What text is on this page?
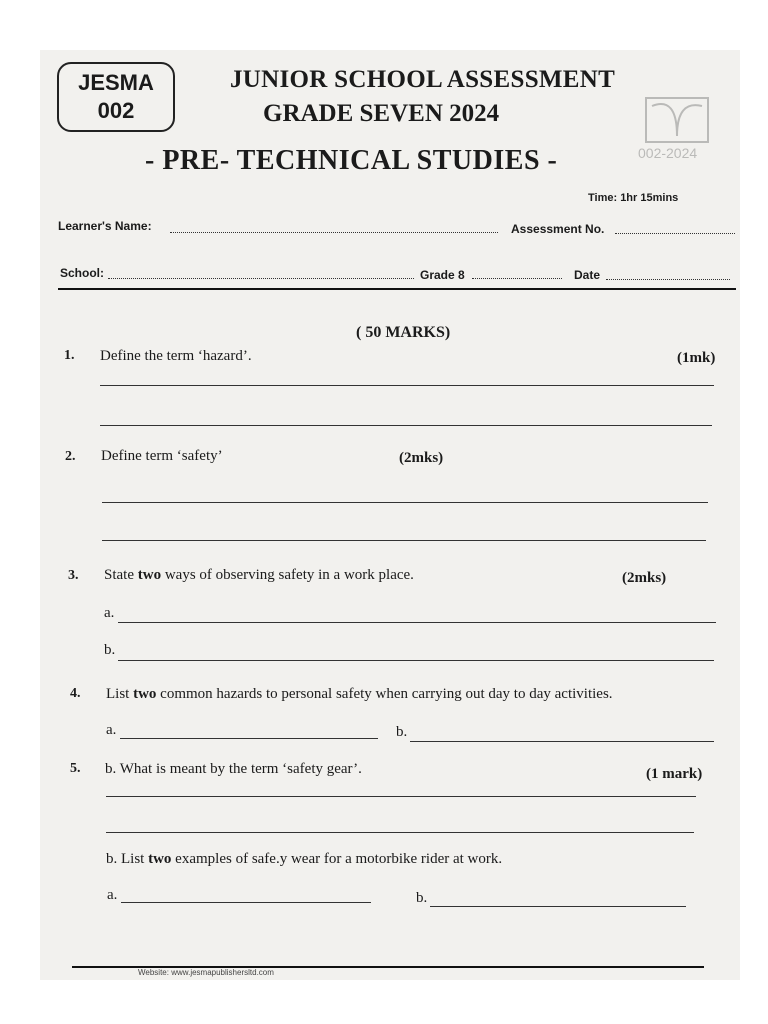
JESMA
002
JUNIOR SCHOOL ASSESSMENT
GRADE SEVEN 2024
- PRE- TECHNICAL STUDIES -	002-2024
Time: 1hr 15mins
Learner's Name:	Assessment No.
School:	Grade 8	Date
( 50 MARKS)
1. Define the term ‘hazard’.	(1mk)
2. Define term ‘safety’	(2mks)
3. State two ways of observing safety in a work place.	(2mks)
a.
b.
4. List two common hazards to personal safety when carrying out day to day activities.
a.	b.
5. b. What is meant by the term ‘safety gear’.	(1 mark)
b. List two examples of safe.y wear for a motorbike rider at work.
a.	b.
Website: www.jesmapublishersltd.com
